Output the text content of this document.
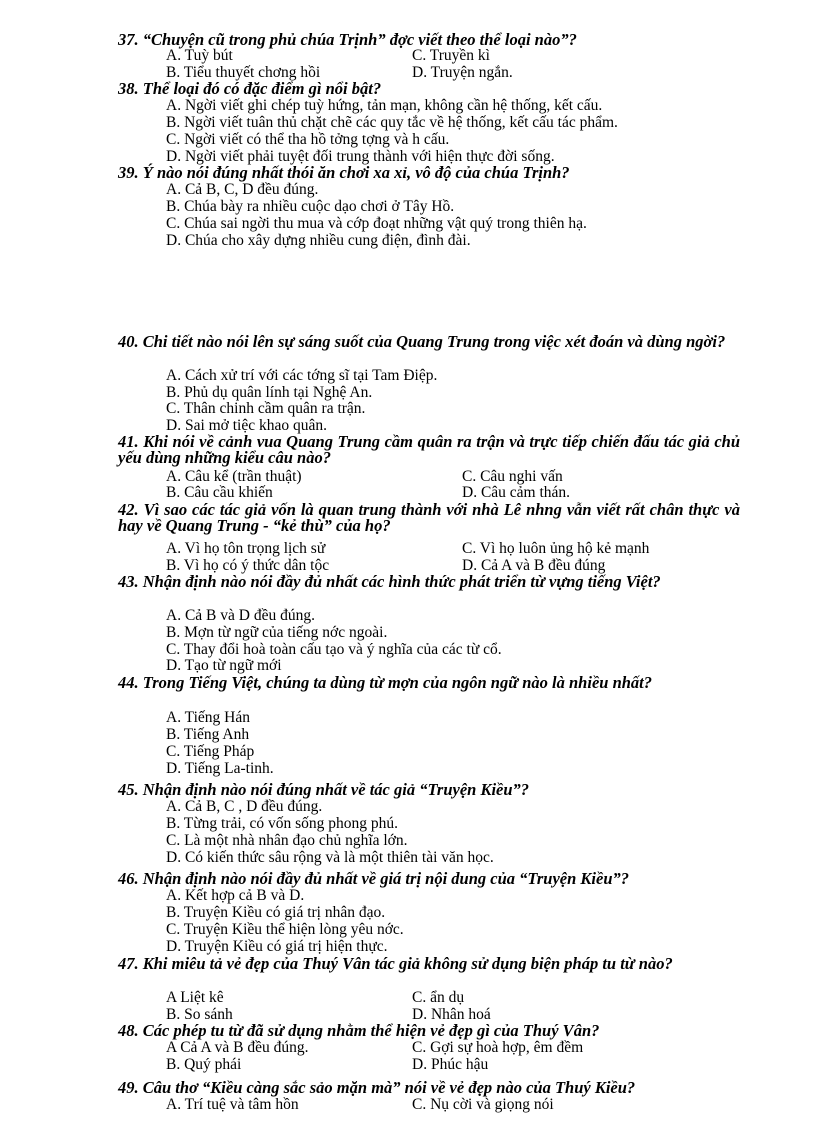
37. “Chuyện cũ trong phủ chúa Trịnh” đợc viết theo thể loại nào”?
A. Tuỳ bút	C. Truyền kì
B. Tiểu thuyết chơng hồi	D. Truyện ngắn.
38. Thể loại đó có đặc điểm gì nổi bật?
A. Ngời viết ghi chép tuỳ hứng, tản mạn, không cần hệ thống, kết cấu.
B. Ngời viết tuân thủ chặt chẽ các quy tắc về hệ thống, kết cấu tác phẩm.
C. Ngời viết có thể tha hồ tởng tợng và h cấu.
D. Ngời viết phải tuyệt đối trung thành với hiện thực đời sống.
39. Ý nào nói đúng nhất thói ăn chơi xa xỉ, vô độ của chúa Trịnh?
A. Cả B, C, D đều đúng.
B. Chúa bày ra nhiều cuộc dạo chơi ở Tây Hồ.
C. Chúa sai ngời thu mua và cớp đoạt những vật quý trong thiên hạ.
D. Chúa cho xây dựng nhiều cung điện, đình đài.
40. Chi tiết nào nói lên sự sáng suốt của Quang Trung trong việc xét đoán và dùng ngời?
A. Cách xử trí với các tớng sĩ tại Tam Điệp.
B. Phủ dụ quân lính tại Nghệ An.
C. Thân chinh cầm quân ra trận.
D. Sai mở tiệc khao quân.
41. Khi nói về cảnh vua Quang Trung cầm quân ra trận và trực tiếp chiến đấu tác giả chủ yếu dùng những kiểu câu nào?
A. Câu kể (trần thuật)	C. Câu nghi vấn
B. Câu cầu khiến	D. Câu cảm thán.
42. Vì sao các tác giả vốn là quan trung thành với nhà Lê nhng vẫn viết rất chân thực và hay về Quang Trung - “kẻ thù” của họ?
A. Vì họ tôn trọng lịch sử	C. Vì họ luôn ủng hộ kẻ mạnh
B. Vì họ có ý thức dân tộc	D. Cả A và B đều đúng
43. Nhận định nào nói đầy đủ nhất các hình thức phát triển từ vựng tiếng Việt?
A. Cả B và D đều đúng.
B. Mợn từ ngữ của tiếng nớc ngoài.
C. Thay đổi hoà toàn cấu tạo và ý nghĩa của các từ cổ.
D. Tạo từ ngữ mới
44. Trong Tiếng Việt, chúng ta dùng từ mợn của ngôn ngữ nào là nhiều nhất?
A. Tiếng Hán
B. Tiếng Anh
C. Tiếng Pháp
D. Tiếng La-tinh.
45. Nhận định nào nói đúng nhất về tác giả “Truyện Kiều”?
A. Cả B, C , D đều đúng.
B. Từng trải, có vốn sống phong phú.
C. Là một nhà nhân đạo chủ nghĩa lớn.
D. Có kiến thức sâu rộng và là một thiên tài văn học.
46. Nhận định nào nói đầy đủ nhất về giá trị nội dung của “Truyện Kiều”?
A. Kết hợp cả B và D.
B. Truyện Kiều có giá trị nhân đạo.
C. Truyện Kiều thể hiện lòng yêu nớc.
D. Truyện Kiều có giá trị hiện thực.
47. Khi miêu tả vẻ đẹp của Thuý Vân tác giả không sử dụng biện pháp tu từ nào?
A Liệt kê	C. ẩn dụ
B. So sánh	D. Nhân hoá
48. Các phép tu từ đã sử dụng nhằm thể hiện vẻ đẹp gì của Thuý Vân?
A Cả A và B đều đúng.	C. Gợi sự hoà hợp, êm đềm
B. Quý phái	D. Phúc hậu
49. Câu thơ “Kiều càng sắc sảo mặn mà” nói về vẻ đẹp nào của Thuý Kiều?
A. Trí tuệ và tâm hồn	C. Nụ cời và giọng nói
